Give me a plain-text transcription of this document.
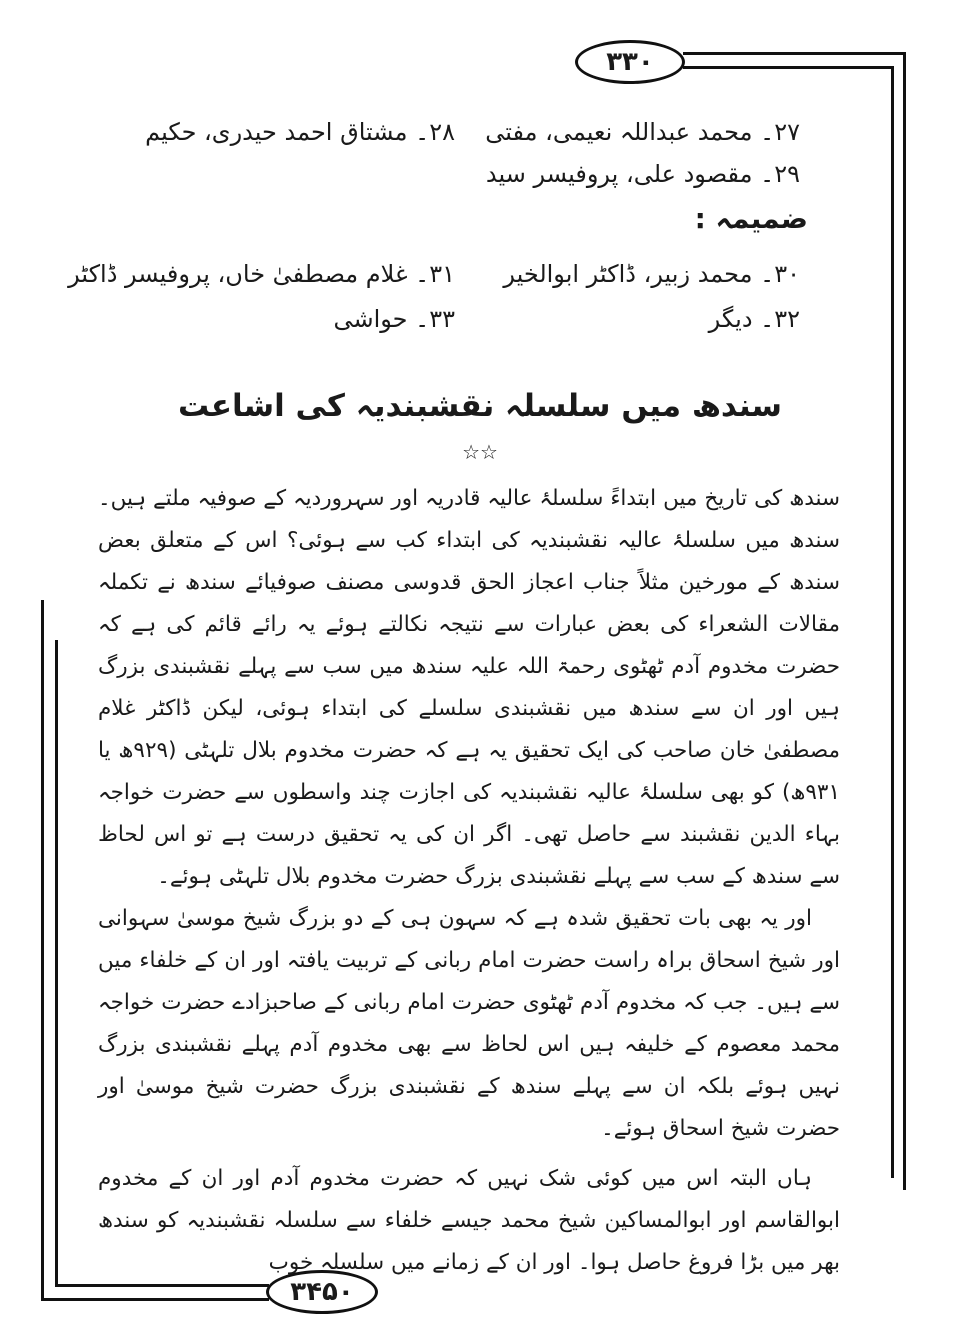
۳۳۰
۳۴۵۰
۲۷۔ محمد عبداللہ نعیمی، مفتی
۲۸۔ مشتاق احمد حیدری، حکیم
۲۹۔ مقصود علی، پروفیسر سید
ضمیمہ :
۳۰۔ محمد زبیر، ڈاکٹر ابوالخیر
۳۱۔ غلام مصطفیٰ خاں، پروفیسر ڈاکٹر
۳۲۔ دیگر
۳۳۔ حواشی
سندھ میں سلسلہ نقشبندیہ کی اشاعت
☆☆

سندھ کی تاریخ میں ابتداءً سلسلۂ عالیہ قادریہ اور سہروردیہ کے صوفیہ ملتے ہیں۔ سندھ میں سلسلۂ عالیہ نقشبندیہ کی ابتداء کب سے ہوئی؟ اس کے متعلق بعض سندھ کے مورخین مثلاً جناب اعجاز الحق قدوسی مصنف صوفیائے سندھ نے تکملہ مقالات الشعراء کی بعض عبارات سے نتیجہ نکالتے ہوئے یہ رائے قائم کی ہے کہ حضرت مخدوم آدم ٹھٹوی رحمۃ اللہ علیہ سندھ میں سب سے پہلے نقشبندی بزرگ ہیں اور ان سے سندھ میں نقشبندی سلسلے کی ابتداء ہوئی، لیکن ڈاکٹر غلام مصطفیٰ خان صاحب کی ایک تحقیق یہ ہے کہ حضرت مخدوم بلال تلہٹی (۹۲۹ھ یا ۹۳۱ھ) کو بھی سلسلۂ عالیہ نقشبندیہ کی اجازت چند واسطوں سے حضرت خواجہ بہاء الدین نقشبند سے حاصل تھی۔ اگر ان کی یہ تحقیق درست ہے تو اس لحاظ سے سندھ کے سب سے پہلے نقشبندی بزرگ حضرت مخدوم بلال تلہٹی ہوئے۔

اور یہ بھی بات تحقیق شدہ ہے کہ سہون ہی کے دو بزرگ شیخ موسیٰ سہوانی اور شیخ اسحاق براہ راست حضرت امام ربانی کے تربیت یافتہ اور ان کے خلفاء میں سے ہیں۔ جب کہ مخدوم آدم ٹھٹوی حضرت امام ربانی کے صاحبزادے حضرت خواجہ محمد معصوم کے خلیفہ ہیں اس لحاظ سے بھی مخدوم آدم پہلے نقشبندی بزرگ نہیں ہوئے بلکہ ان سے پہلے سندھ کے نقشبندی بزرگ حضرت شیخ موسیٰ اور حضرت شیخ اسحاق ہوئے۔

ہاں البتہ اس میں کوئی شک نہیں کہ حضرت مخدوم آدم اور ان کے مخدوم ابوالقاسم اور ابوالمساکین شیخ محمد جیسے خلفاء سے سلسلہ نقشبندیہ کو سندھ بھر میں بڑا فروغ حاصل ہوا۔ اور ان کے زمانے میں سلسلہ خوب
